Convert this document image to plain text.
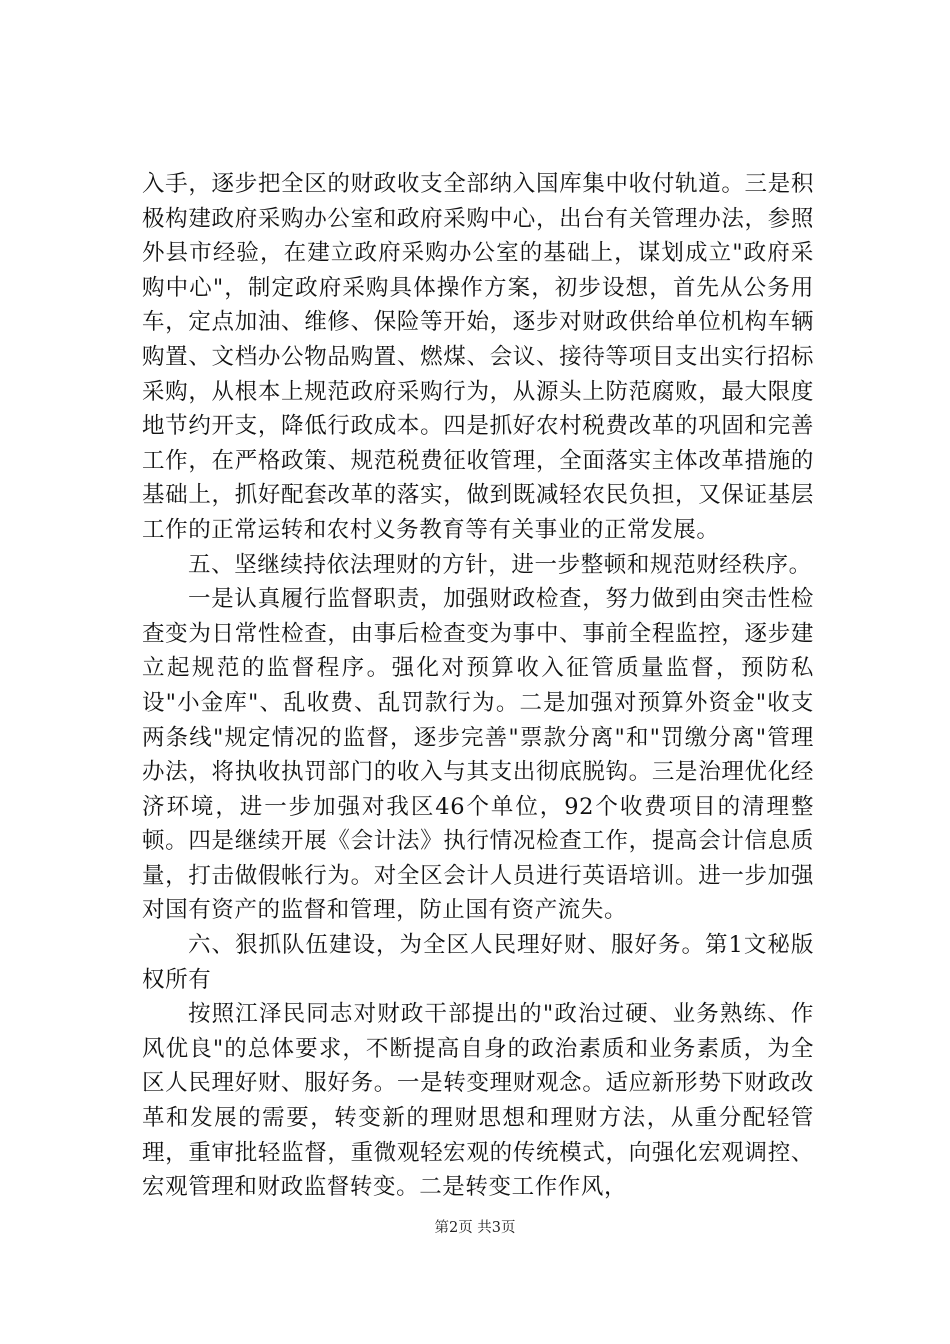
入手，逐步把全区的财政收支全部纳入国库集中收付轨道。三是积极构建政府采购办公室和政府采购中心，出台有关管理办法，参照外县市经验，在建立政府采购办公室的基础上，谋划成立"政府采购中心"，制定政府采购具体操作方案，初步设想，首先从公务用车，定点加油、维修、保险等开始，逐步对财政供给单位机构车辆购置、文档办公物品购置、燃煤、会议、接待等项目支出实行招标采购，从根本上规范政府采购行为，从源头上防范腐败，最大限度地节约开支，降低行政成本。四是抓好农村税费改革的巩固和完善工作，在严格政策、规范税费征收管理，全面落实主体改革措施的基础上，抓好配套改革的落实，做到既减轻农民负担，又保证基层工作的正常运转和农村义务教育等有关事业的正常发展。

五、坚继续持依法理财的方针，进一步整顿和规范财经秩序。

一是认真履行监督职责，加强财政检查，努力做到由突击性检查变为日常性检查，由事后检查变为事中、事前全程监控，逐步建立起规范的监督程序。强化对预算收入征管质量监督，预防私设"小金库"、乱收费、乱罚款行为。二是加强对预算外资金"收支两条线"规定情况的监督，逐步完善"票款分离"和"罚缴分离"管理办法，将执收执罚部门的收入与其支出彻底脱钩。三是治理优化经济环境，进一步加强对我区46个单位，92个收费项目的清理整顿。四是继续开展《会计法》执行情况检查工作，提高会计信息质量，打击做假帐行为。对全区会计人员进行英语培训。进一步加强对国有资产的监督和管理，防止国有资产流失。

六、狠抓队伍建设，为全区人民理好财、服好务。第1文秘版权所有

按照江泽民同志对财政干部提出的"政治过硬、业务熟练、作风优良"的总体要求，不断提高自身的政治素质和业务素质，为全区人民理好财、服好务。一是转变理财观念。适应新形势下财政改革和发展的需要，转变新的理财思想和理财方法，从重分配轻管理，重审批轻监督，重微观轻宏观的传统模式，向强化宏观调控、宏观管理和财政监督转变。二是转变工作作风，

第2页 共3页
